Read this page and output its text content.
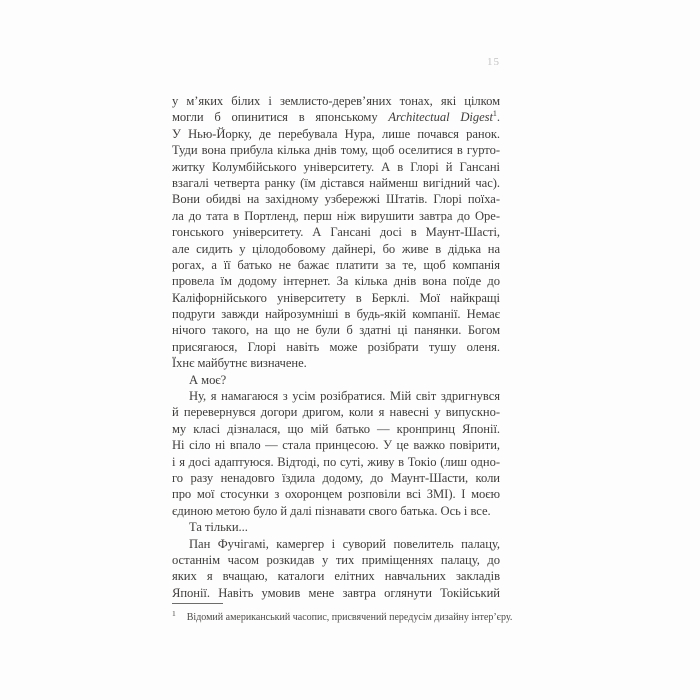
15
у м’яких білих і землисто-дерев’яних тонах, які цілком
могли б опинитися в японському Architectual Digest$^1$.
У Нью-Йорку, де перебувала Нура, лише почався ранок.
Туди вона прибула кілька днів тому, щоб оселитися в гурто-
житку Колумбійського університету. А в Глорі й Гансані
взагалі четверта ранку (їм дістався найменш вигідний час).
Вони обидві на західному узбережжі Штатів. Глорі поїха-
ла до тата в Портленд, перш ніж вирушити завтра до Оре-
гонського університету. А Гансані досі в Маунт-Шасті,
але сидить у цілодобовому дайнері, бо живе в дідька на
рогах, а її батько не бажає платити за те, щоб компанія
провела їм додому інтернет. За кілька днів вона поїде до
Каліфорнійського університету в Берклі. Мої найкращі
подруги завжди найрозумніші в будь-якій компанії. Немає
нічого такого, на що не були б здатні ці панянки. Богом
присягаюся, Глорі навіть може розібрати тушу оленя.
Їхнє майбутнє визначене.
А моє?
Ну, я намагаюся з усім розібратися. Мій світ здригнувся
й перевернувся догори дригом, коли я навесні у випускно-
му класі дізналася, що мій батько — кронпринц Японії.
Ні сіло ні впало — стала принцесою. У це важко повірити,
і я досі адаптуюся. Відтоді, по суті, живу в Токіо (лиш одно-
го разу ненадовго їздила додому, до Маунт-Шасти, коли
про мої стосунки з охоронцем розповіли всі ЗМІ). І моєю
єдиною метою було й далі пізнавати свого батька. Ось і все.
Та тільки...
Пан Фучігамі, камергер і суворий повелитель палацу,
останнім часом розкидав у тих приміщеннях палацу, до
яких я вчащаю, каталоги елітних навчальних закладів
Японії. Навіть умовив мене завтра оглянути Токійський
$^1$ Відомий американський часопис, присвячений передусім дизайну інтер’єру.
